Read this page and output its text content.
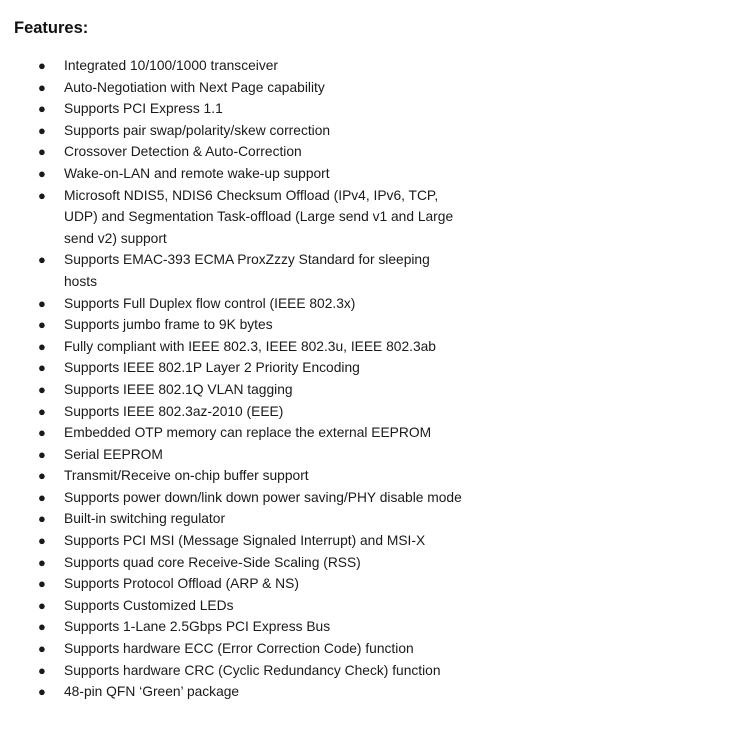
Features:
● Integrated 10/100/1000 transceiver
● Auto-Negotiation with Next Page capability
● Supports PCI Express 1.1
● Supports pair swap/polarity/skew correction
● Crossover Detection & Auto-Correction
● Wake-on-LAN and remote wake-up support
● Microsoft NDIS5, NDIS6 Checksum Offload (IPv4, IPv6, TCP, UDP) and Segmentation Task-offload (Large send v1 and Large send v2) support
● Supports EMAC-393 ECMA ProxZzzy Standard for sleeping hosts
● Supports Full Duplex flow control (IEEE 802.3x)
● Supports jumbo frame to 9K bytes
● Fully compliant with IEEE 802.3, IEEE 802.3u, IEEE 802.3ab
● Supports IEEE 802.1P Layer 2 Priority Encoding
● Supports IEEE 802.1Q VLAN tagging
● Supports IEEE 802.3az-2010 (EEE)
● Embedded OTP memory can replace the external EEPROM
● Serial EEPROM
● Transmit/Receive on-chip buffer support
● Supports power down/link down power saving/PHY disable mode
● Built-in switching regulator
● Supports PCI MSI (Message Signaled Interrupt) and MSI-X
● Supports quad core Receive-Side Scaling (RSS)
● Supports Protocol Offload (ARP & NS)
● Supports Customized LEDs
● Supports 1-Lane 2.5Gbps PCI Express Bus
● Supports hardware ECC (Error Correction Code) function
● Supports hardware CRC (Cyclic Redundancy Check) function
● 48-pin QFN ‘Green’ package
